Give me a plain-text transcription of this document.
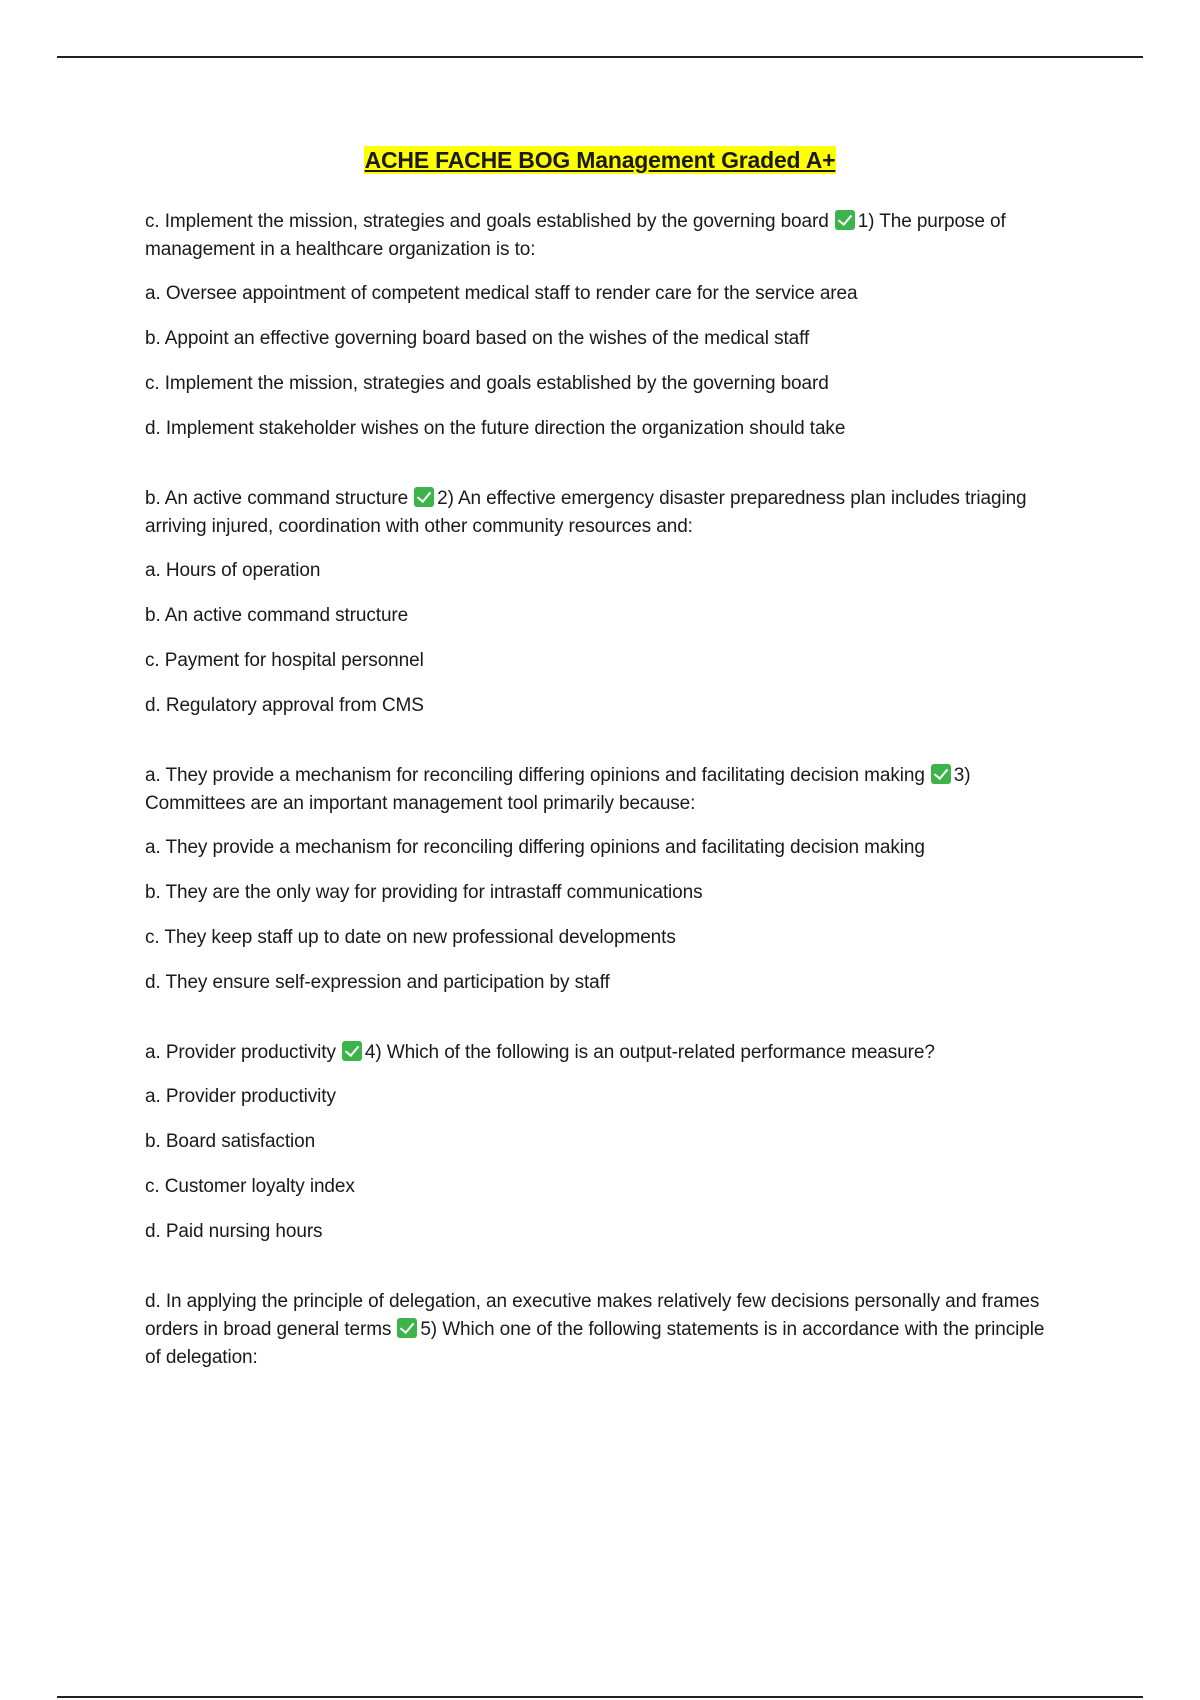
ACHE FACHE BOG Management Graded A+

c. Implement the mission, strategies and goals established by the governing board 1) The purpose of management in a healthcare organization is to:

a. Oversee appointment of competent medical staff to render care for the service area

b. Appoint an effective governing board based on the wishes of the medical staff

c. Implement the mission, strategies and goals established by the governing board

d. Implement stakeholder wishes on the future direction the organization should take

b. An active command structure 2) An effective emergency disaster preparedness plan includes triaging arriving injured, coordination with other community resources and:

a. Hours of operation

b. An active command structure

c. Payment for hospital personnel

d. Regulatory approval from CMS

a. They provide a mechanism for reconciling differing opinions and facilitating decision making 3) Committees are an important management tool primarily because:

a. They provide a mechanism for reconciling differing opinions and facilitating decision making

b. They are the only way for providing for intrastaff communications

c. They keep staff up to date on new professional developments

d. They ensure self-expression and participation by staff

a. Provider productivity 4) Which of the following is an output-related performance measure?

a. Provider productivity

b. Board satisfaction

c. Customer loyalty index

d. Paid nursing hours

d. In applying the principle of delegation, an executive makes relatively few decisions personally and frames orders in broad general terms 5) Which one of the following statements is in accordance with the principle of delegation:
